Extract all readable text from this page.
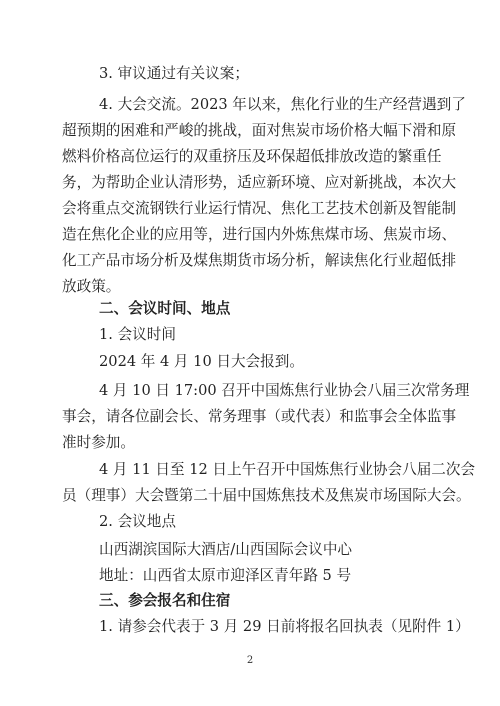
3. 审议通过有关议案；
4. 大会交流。2023 年以来，焦化行业的生产经营遇到了
超预期的困难和严峻的挑战，面对焦炭市场价格大幅下滑和原
燃料价格高位运行的双重挤压及环保超低排放改造的繁重任
务，为帮助企业认清形势，适应新环境、应对新挑战，本次大
会将重点交流钢铁行业运行情况、焦化工艺技术创新及智能制
造在焦化企业的应用等，进行国内外炼焦煤市场、焦炭市场、
化工产品市场分析及煤焦期货市场分析，解读焦化行业超低排
放政策。
二、会议时间、地点
1. 会议时间
2024 年 4 月 10 日大会报到。
4 月 10 日 17:00 召开中国炼焦行业协会八届三次常务理
事会，请各位副会长、常务理事（或代表）和监事会全体监事
准时参加。
4 月 11 日至 12 日上午召开中国炼焦行业协会八届二次会
员（理事）大会暨第二十届中国炼焦技术及焦炭市场国际大会。
2. 会议地点
山西湖滨国际大酒店/山西国际会议中心
地址：山西省太原市迎泽区青年路 5 号
三、参会报名和住宿
1. 请参会代表于 3 月 29 日前将报名回执表（见附件 1）
2
